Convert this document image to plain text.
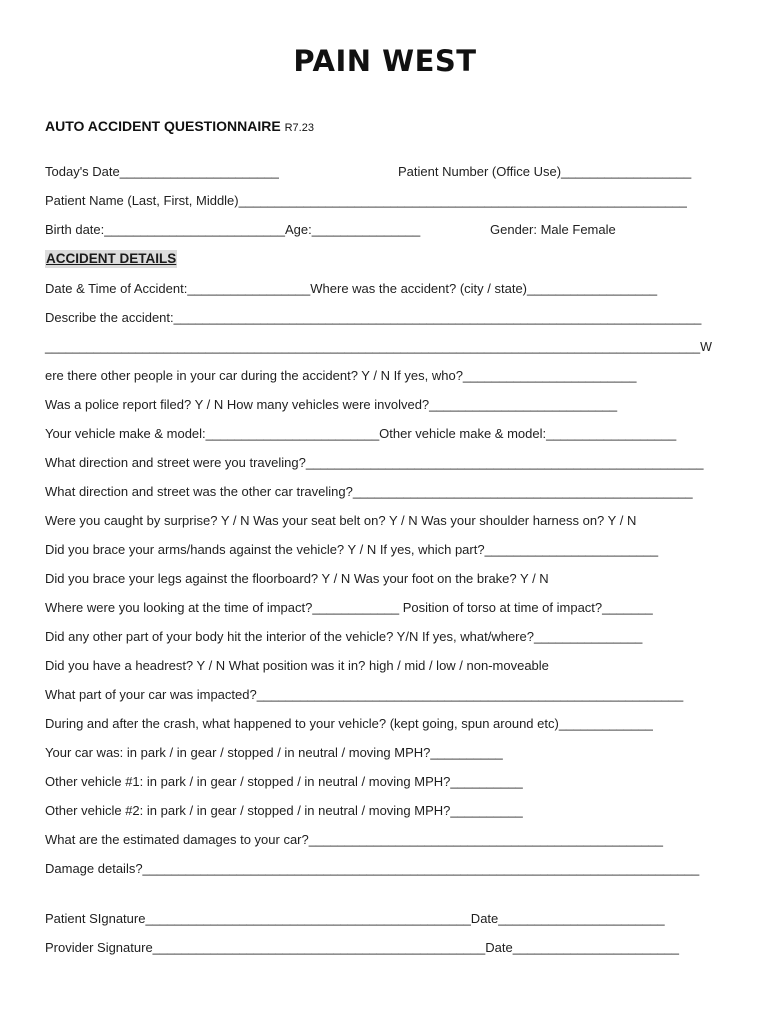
PAIN WEST
AUTO ACCIDENT QUESTIONNAIRE R7.23
Today's Date______________________	Patient Number (Office Use)__________________
Patient Name (Last, First, Middle)______________________________________________________________
Birth date:_________________________Age:_______________	Gender: Male Female
ACCIDENT DETAILS
Date & Time of Accident:_________________Where was the accident? (city / state)__________________
Describe the accident:_________________________________________________________________________
______________________________________________________________________________________________W
ere there other people in your car during the accident? Y / N If yes, who?________________________
Was a police report filed? Y / N How many vehicles were involved?__________________________
Your vehicle make & model:________________________Other vehicle make & model:__________________
What direction and street were you traveling?_______________________________________________________
What direction and street was the other car traveling?_______________________________________________
Were you caught by surprise? Y / N Was your seat belt on? Y / N Was your shoulder harness on? Y / N
Did you brace your arms/hands against the vehicle? Y / N If yes, which part?________________________
Did you brace your legs against the floorboard? Y / N Was your foot on the brake? Y / N
Where were you looking at the time of impact?____________ Position of torso at time of impact?_______
Did any other part of your body hit the interior of the vehicle? Y/N If yes, what/where?_______________
Did you have a headrest? Y / N What position was it in? high / mid / low / non-moveable
What part of your car was impacted?___________________________________________________________
During and after the crash, what happened to your vehicle? (kept going, spun around etc)_____________
Your car was: in park / in gear / stopped / in neutral / moving MPH?__________
Other vehicle #1: in park / in gear / stopped / in neutral / moving MPH?__________
Other vehicle #2: in park / in gear / stopped / in neutral / moving MPH?__________
What are the estimated damages to your car?_________________________________________________
Damage details?_____________________________________________________________________________
Patient SIgnature_____________________________________________Date_______________________
Provider Signature______________________________________________Date_______________________
